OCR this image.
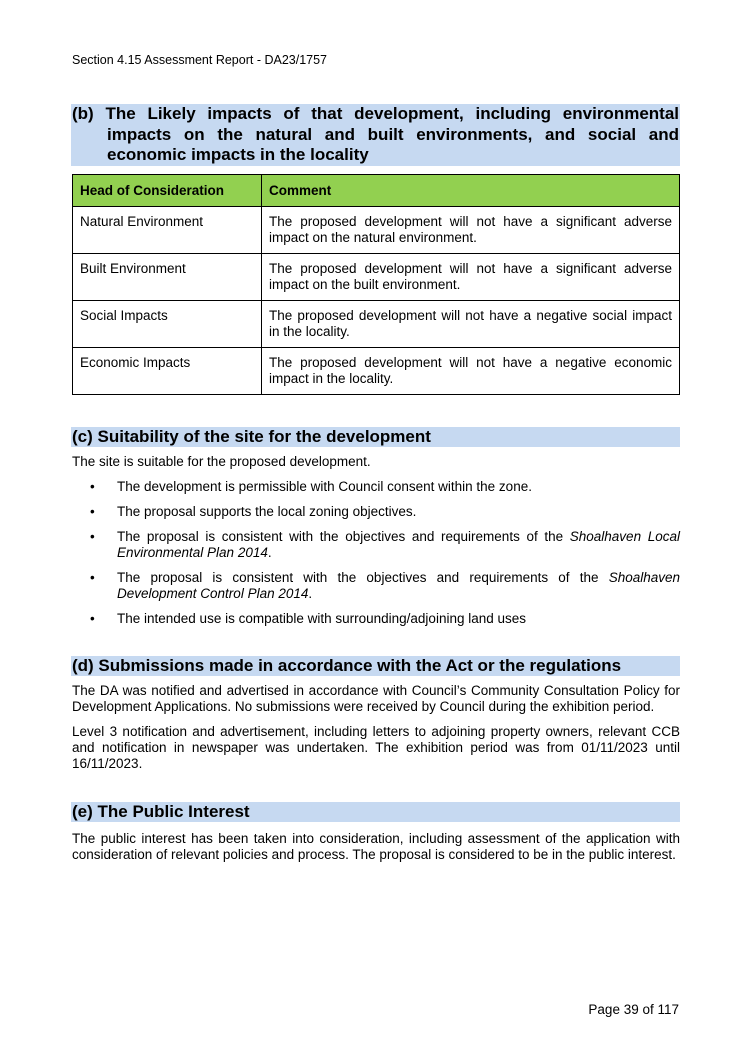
Section 4.15 Assessment Report - DA23/1757
(b) The Likely impacts of that development, including environmental
impacts on the natural and built environments, and social and
economic impacts in the locality
Head of Consideration	Comment
Natural Environment	The proposed development will not have a significant adverse impact on the natural environment.
Built Environment	The proposed development will not have a significant adverse impact on the built environment.
Social Impacts	The proposed development will not have a negative social impact in the locality.
Economic Impacts	The proposed development will not have a negative economic impact in the locality.
(c) Suitability of the site for the development
The site is suitable for the proposed development.
• The development is permissible with Council consent within the zone.
• The proposal supports the local zoning objectives.
• The proposal is consistent with the objectives and requirements of the Shoalhaven Local Environmental Plan 2014.
• The proposal is consistent with the objectives and requirements of the Shoalhaven Development Control Plan 2014.
• The intended use is compatible with surrounding/adjoining land uses
(d) Submissions made in accordance with the Act or the regulations
The DA was notified and advertised in accordance with Council’s Community Consultation Policy for Development Applications. No submissions were received by Council during the exhibition period.
Level 3 notification and advertisement, including letters to adjoining property owners, relevant CCB and notification in newspaper was undertaken. The exhibition period was from 01/11/2023 until 16/11/2023.
(e) The Public Interest
The public interest has been taken into consideration, including assessment of the application with consideration of relevant policies and process. The proposal is considered to be in the public interest.
Page 39 of 117
